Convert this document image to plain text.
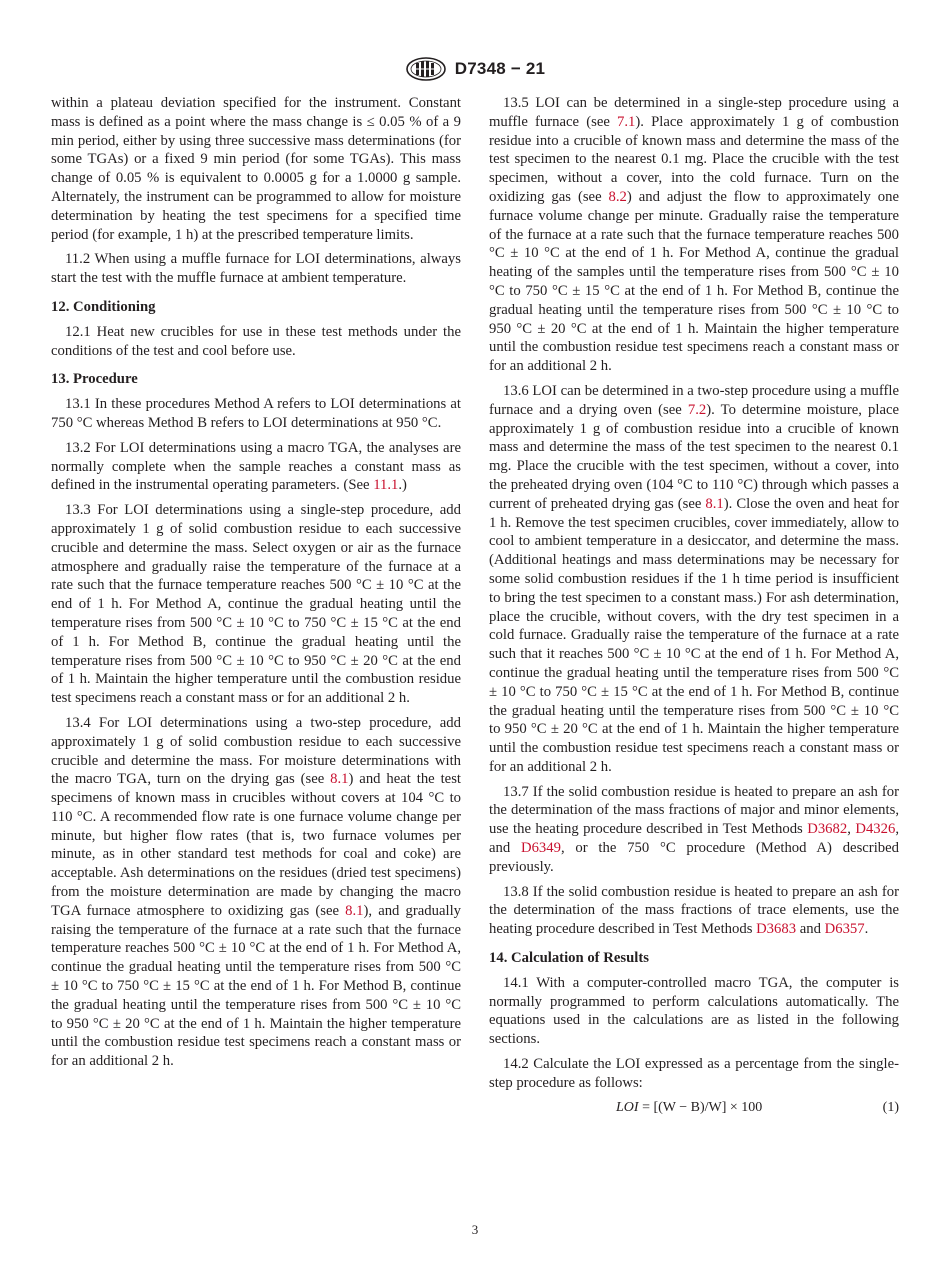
D7348 − 21

within a plateau deviation specified for the instrument. Constant mass is defined as a point where the mass change is ≤ 0.05 % of a 9 min period, either by using three successive mass determinations (for some TGAs) or a fixed 9 min period (for some TGAs). This mass change of 0.05 % is equivalent to 0.0005 g for a 1.0000 g sample. Alternately, the instrument can be programmed to allow for moisture determination by heating the test specimens for a specified time period (for example, 1 h) at the prescribed temperature limits.

11.2 When using a muffle furnace for LOI determinations, always start the test with the muffle furnace at ambient temperature.

12. Conditioning

12.1 Heat new crucibles for use in these test methods under the conditions of the test and cool before use.

13. Procedure

13.1 In these procedures Method A refers to LOI determinations at 750 °C whereas Method B refers to LOI determinations at 950 °C.

13.2 For LOI determinations using a macro TGA, the analyses are normally complete when the sample reaches a constant mass as defined in the instrumental operating parameters. (See 11.1.)

13.3 For LOI determinations using a single-step procedure, add approximately 1 g of solid combustion residue to each successive crucible and determine the mass. Select oxygen or air as the furnace atmosphere and gradually raise the temperature of the furnace at a rate such that the furnace temperature reaches 500 °C ± 10 °C at the end of 1 h. For Method A, continue the gradual heating until the temperature rises from 500 °C ± 10 °C to 750 °C ± 15 °C at the end of 1 h. For Method B, continue the gradual heating until the temperature rises from 500 °C ± 10 °C to 950 °C ± 20 °C at the end of 1 h. Maintain the higher temperature until the combustion residue test specimens reach a constant mass or for an additional 2 h.

13.4 For LOI determinations using a two-step procedure, add approximately 1 g of solid combustion residue to each successive crucible and determine the mass. For moisture determinations with the macro TGA, turn on the drying gas (see 8.1) and heat the test specimens of known mass in crucibles without covers at 104 °C to 110 °C. A recommended flow rate is one furnace volume change per minute, but higher flow rates (that is, two furnace volumes per minute, as in other standard test methods for coal and coke) are acceptable. Ash determinations on the residues (dried test specimens) from the moisture determination are made by changing the macro TGA furnace atmosphere to oxidizing gas (see 8.1), and gradually raising the temperature of the furnace at a rate such that the furnace temperature reaches 500 °C ± 10 °C at the end of 1 h. For Method A, continue the gradual heating until the temperature rises from 500 °C ± 10 °C to 750 °C ± 15 °C at the end of 1 h. For Method B, continue the gradual heating until the temperature rises from 500 °C ± 10 °C to 950 °C ± 20 °C at the end of 1 h. Maintain the higher temperature until the combustion residue test specimens reach a constant mass or for an additional 2 h.

13.5 LOI can be determined in a single-step procedure using a muffle furnace (see 7.1). Place approximately 1 g of combustion residue into a crucible of known mass and determine the mass of the test specimen to the nearest 0.1 mg. Place the crucible with the test specimen, without a cover, into the cold furnace. Turn on the oxidizing gas (see 8.2) and adjust the flow to approximately one furnace volume change per minute. Gradually raise the temperature of the furnace at a rate such that the furnace temperature reaches 500 °C ± 10 °C at the end of 1 h. For Method A, continue the gradual heating of the samples until the temperature rises from 500 °C ± 10 °C to 750 °C ± 15 °C at the end of 1 h. For Method B, continue the gradual heating until the temperature rises from 500 °C ± 10 °C to 950 °C ± 20 °C at the end of 1 h. Maintain the higher temperature until the combustion residue test specimens reach a constant mass or for an additional 2 h.

13.6 LOI can be determined in a two-step procedure using a muffle furnace and a drying oven (see 7.2). To determine moisture, place approximately 1 g of combustion residue into a crucible of known mass and determine the mass of the test specimen to the nearest 0.1 mg. Place the crucible with the test specimen, without a cover, into the preheated drying oven (104 °C to 110 °C) through which passes a current of preheated drying gas (see 8.1). Close the oven and heat for 1 h. Remove the test specimen crucibles, cover immediately, allow to cool to ambient temperature in a desiccator, and determine the mass. (Additional heatings and mass determinations may be necessary for some solid combustion residues if the 1 h time period is insufficient to bring the test specimen to a constant mass.) For ash determination, place the crucible, without covers, with the dry test specimen in a cold furnace. Gradually raise the temperature of the furnace at a rate such that it reaches 500 °C ± 10 °C at the end of 1 h. For Method A, continue the gradual heating until the temperature rises from 500 °C ± 10 °C to 750 °C ± 15 °C at the end of 1 h. For Method B, continue the gradual heating until the temperature rises from 500 °C ± 10 °C to 950 °C ± 20 °C at the end of 1 h. Maintain the higher temperature until the combustion residue test specimens reach a constant mass or for an additional 2 h.

13.7 If the solid combustion residue is heated to prepare an ash for the determination of the mass fractions of major and minor elements, use the heating procedure described in Test Methods D3682, D4326, and D6349, or the 750 °C procedure (Method A) described previously.

13.8 If the solid combustion residue is heated to prepare an ash for the determination of the mass fractions of trace elements, use the heating procedure described in Test Methods D3683 and D6357.

14. Calculation of Results

14.1 With a computer-controlled macro TGA, the computer is normally programmed to perform calculations automatically. The equations used in the calculations are as listed in the following sections.

14.2 Calculate the LOI expressed as a percentage from the single-step procedure as follows:

LOI = [(W − B)/W] × 100	(1)
3
